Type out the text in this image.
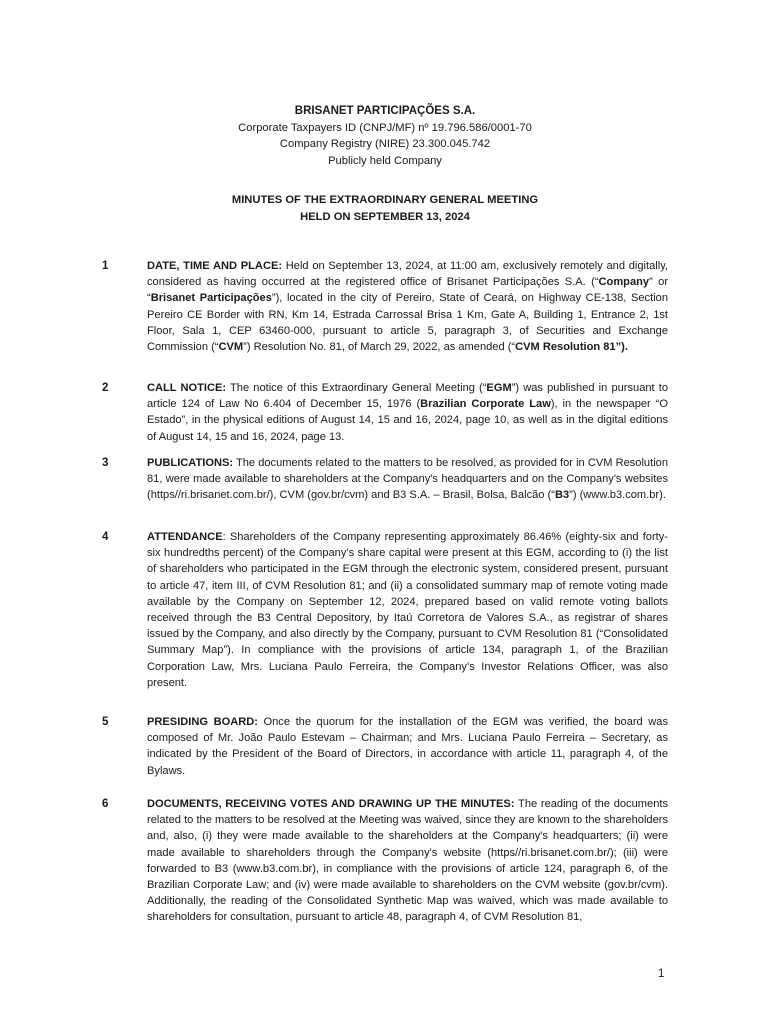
BRISANET PARTICIPAÇÕES S.A.
Corporate Taxpayers ID (CNPJ/MF) nº 19.796.586/0001-70
Company Registry (NIRE) 23.300.045.742
Publicly held Company
MINUTES OF THE EXTRAORDINARY GENERAL MEETING
HELD ON SEPTEMBER 13, 2024
1	DATE, TIME AND PLACE: Held on September 13, 2024, at 11:00 am, exclusively remotely and digitally, considered as having occurred at the registered office of Brisanet Participações S.A. (“Company” or “Brisanet Participações”), located in the city of Pereiro, State of Ceará, on Highway CE-138, Section Pereiro CE Border with RN, Km 14, Estrada Carrossal Brisa 1 Km, Gate A, Building 1, Entrance 2, 1st Floor, Sala 1, CEP 63460-000, pursuant to article 5, paragraph 3, of Securities and Exchange Commission (“CVM”) Resolution No. 81, of March 29, 2022, as amended (“CVM Resolution 81”).
2	CALL NOTICE: The notice of this Extraordinary General Meeting (“EGM”) was published in pursuant to article 124 of Law No 6.404 of December 15, 1976 (Brazilian Corporate Law), in the newspaper “O Estado”, in the physical editions of August 14, 15 and 16, 2024, page 10, as well as in the digital editions of August 14, 15 and 16, 2024, page 13.
3	PUBLICATIONS: The documents related to the matters to be resolved, as provided for in CVM Resolution 81, were made available to shareholders at the Company's headquarters and on the Company's websites (https//ri.brisanet.com.br/), CVM (gov.br/cvm) and B3 S.A. – Brasil, Bolsa, Balcão (“B3”) (www.b3.com.br).
4	ATTENDANCE: Shareholders of the Company representing approximately 86.46% (eighty-six and forty-six hundredths percent) of the Company’s share capital were present at this EGM, according to (i) the list of shareholders who participated in the EGM through the electronic system, considered present, pursuant to article 47, item III, of CVM Resolution 81; and (ii) a consolidated summary map of remote voting made available by the Company on September 12, 2024, prepared based on valid remote voting ballots received through the B3 Central Depository, by Itaú Corretora de Valores S.A., as registrar of shares issued by the Company, and also directly by the Company, pursuant to CVM Resolution 81 (“Consolidated Summary Map”). In compliance with the provisions of article 134, paragraph 1, of the Brazilian Corporation Law, Mrs. Luciana Paulo Ferreira, the Company’s Investor Relations Officer, was also present.
5	PRESIDING BOARD: Once the quorum for the installation of the EGM was verified, the board was composed of Mr. João Paulo Estevam – Chairman; and Mrs. Luciana Paulo Ferreira – Secretary, as indicated by the President of the Board of Directors, in accordance with article 11, paragraph 4, of the Bylaws.
6	DOCUMENTS, RECEIVING VOTES AND DRAWING UP THE MINUTES: The reading of the documents related to the matters to be resolved at the Meeting was waived, since they are known to the shareholders and, also, (i) they were made available to the shareholders at the Company's headquarters; (ii) were made available to shareholders through the Company's website (https//ri.brisanet.com.br/); (iii) were forwarded to B3 (www.b3.com.br), in compliance with the provisions of article 124, paragraph 6, of the Brazilian Corporate Law; and (iv) were made available to shareholders on the CVM website (gov.br/cvm). Additionally, the reading of the Consolidated Synthetic Map was waived, which was made available to shareholders for consultation, pursuant to article 48, paragraph 4, of CVM Resolution 81,
1
